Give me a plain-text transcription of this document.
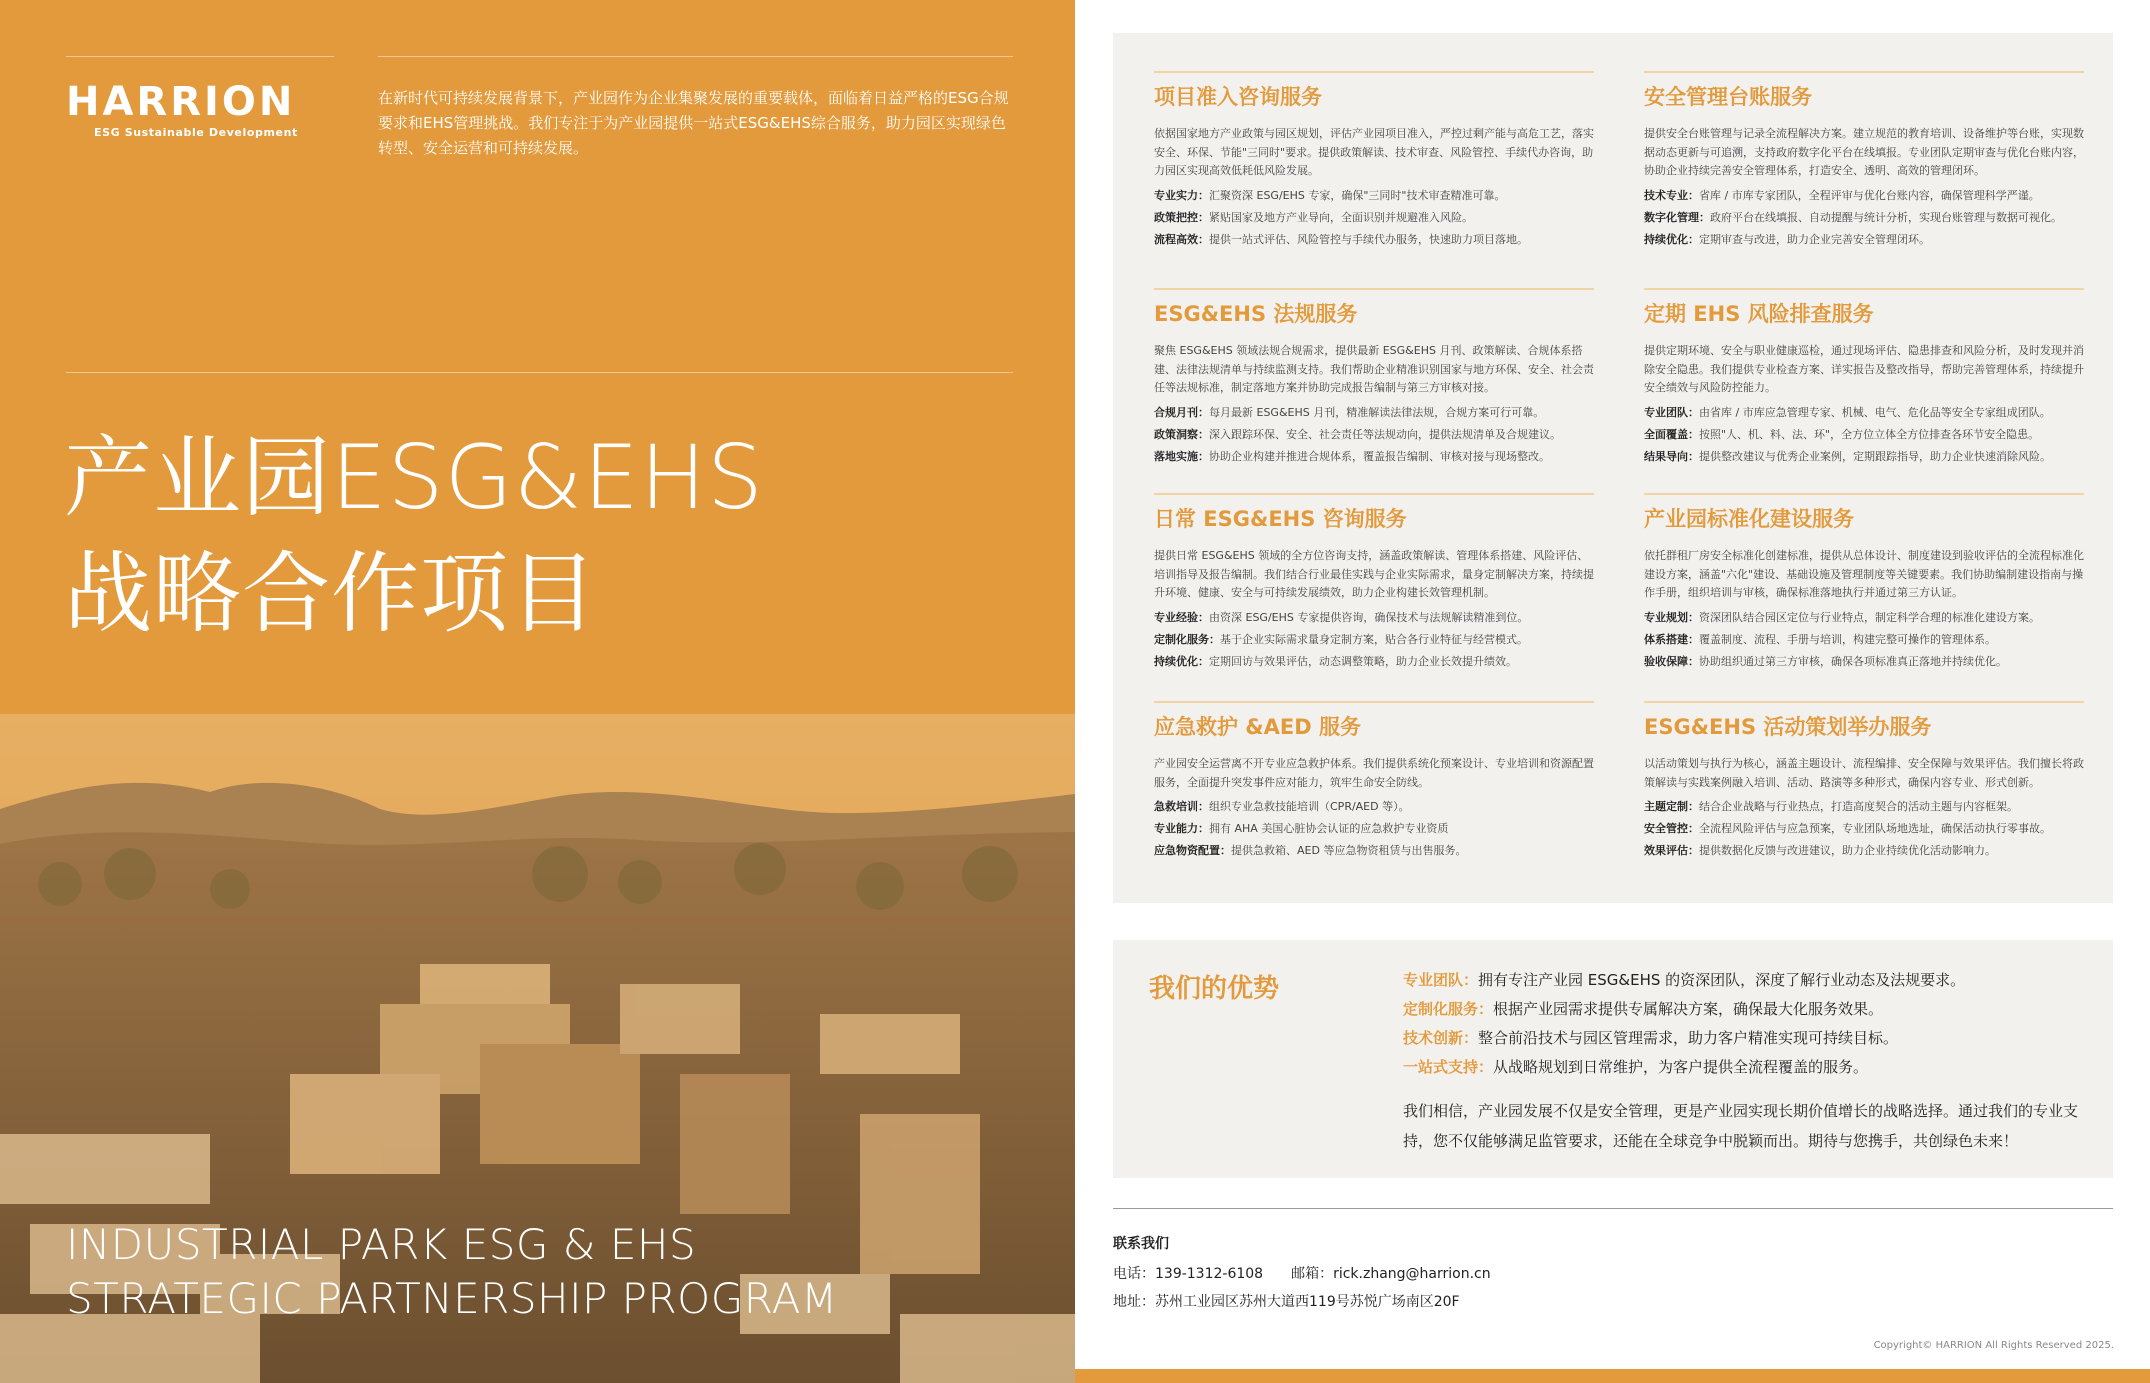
HARRION
ESG Sustainable Development
在新时代可持续发展背景下，产业园作为企业集聚发展的重要载体，面临着日益严格的ESG合规要求和EHS管理挑战。我们专注于为产业园提供一站式ESG&EHS综合服务，助力园区实现绿色转型、安全运营和可持续发展。
产业园ESG&EHS
战略合作项目
INDUSTRIAL PARK ESG & EHS
STRATEGIC PARTNERSHIP PROGRAM
项目准入咨询服务
依据国家地方产业政策与园区规划，评估产业园项目准入，严控过剩产能与高危工艺，落实安全、环保、节能"三同时"要求。提供政策解读、技术审查、风险管控、手续代办咨询，助力园区实现高效低耗低风险发展。
专业实力：汇聚资深 ESG/EHS 专家，确保"三同时"技术审查精准可靠。
政策把控：紧贴国家及地方产业导向，全面识别并规避准入风险。
流程高效：提供一站式评估、风险管控与手续代办服务，快速助力项目落地。
安全管理台账服务
提供安全台账管理与记录全流程解决方案。建立规范的教育培训、设备维护等台账，实现数据动态更新与可追溯，支持政府数字化平台在线填报。专业团队定期审查与优化台账内容，协助企业持续完善安全管理体系，打造安全、透明、高效的管理闭环。
技术专业：省库 / 市库专家团队，全程评审与优化台账内容，确保管理科学严谨。
数字化管理：政府平台在线填报、自动提醒与统计分析，实现台账管理与数据可视化。
持续优化：定期审查与改进，助力企业完善安全管理闭环。
ESG&EHS 法规服务
聚焦 ESG&EHS 领域法规合规需求，提供最新 ESG&EHS 月刊、政策解读、合规体系搭建、法律法规清单与持续监测支持。我们帮助企业精准识别国家与地方环保、安全、社会责任等法规标准，制定落地方案并协助完成报告编制与第三方审核对接。
合规月刊：每月最新 ESG&EHS 月刊，精准解读法律法规，合规方案可行可靠。
政策洞察：深入跟踪环保、安全、社会责任等法规动向，提供法规清单及合规建议。
落地实施：协助企业构建并推进合规体系，覆盖报告编制、审核对接与现场整改。
定期 EHS 风险排查服务
提供定期环境、安全与职业健康巡检，通过现场评估、隐患排查和风险分析，及时发现并消除安全隐患。我们提供专业检查方案、详实报告及整改指导，帮助完善管理体系，持续提升安全绩效与风险防控能力。
专业团队：由省库 / 市库应急管理专家、机械、电气、危化品等安全专家组成团队。
全面覆盖：按照"人、机、料、法、环"，全方位立体全方位排查各环节安全隐患。
结果导向：提供整改建议与优秀企业案例，定期跟踪指导，助力企业快速消除风险。
日常 ESG&EHS 咨询服务
提供日常 ESG&EHS 领域的全方位咨询支持，涵盖政策解读、管理体系搭建、风险评估、培训指导及报告编制。我们结合行业最佳实践与企业实际需求，量身定制解决方案，持续提升环境、健康、安全与可持续发展绩效，助力企业构建长效管理机制。
专业经验：由资深 ESG/EHS 专家提供咨询，确保技术与法规解读精准到位。
定制化服务：基于企业实际需求量身定制方案，贴合各行业特征与经营模式。
持续优化：定期回访与效果评估，动态调整策略，助力企业长效提升绩效。
产业园标准化建设服务
依托群租厂房安全标准化创建标准，提供从总体设计、制度建设到验收评估的全流程标准化建设方案，涵盖"六化"建设、基础设施及管理制度等关键要素。我们协助编制建设指南与操作手册，组织培训与审核，确保标准落地执行并通过第三方认证。
专业规划：资深团队结合园区定位与行业特点，制定科学合理的标准化建设方案。
体系搭建：覆盖制度、流程、手册与培训，构建完整可操作的管理体系。
验收保障：协助组织通过第三方审核，确保各项标准真正落地并持续优化。
应急救护 &AED 服务
产业园安全运营离不开专业应急救护体系。我们提供系统化预案设计、专业培训和资源配置服务，全面提升突发事件应对能力，筑牢生命安全防线。
急救培训：组织专业急救技能培训（CPR/AED 等）。
专业能力：拥有 AHA 美国心脏协会认证的应急救护专业资质
应急物资配置：提供急救箱、AED 等应急物资租赁与出售服务。
ESG&EHS 活动策划举办服务
以活动策划与执行为核心，涵盖主题设计、流程编排、安全保障与效果评估。我们擅长将政策解读与实践案例融入培训、活动、路演等多种形式，确保内容专业、形式创新。
主题定制：结合企业战略与行业热点，打造高度契合的活动主题与内容框架。
安全管控：全流程风险评估与应急预案，专业团队场地选址，确保活动执行零事故。
效果评估：提供数据化反馈与改进建议，助力企业持续优化活动影响力。
我们的优势	专业团队：拥有专注产业园 ESG&EHS 的资深团队，深度了解行业动态及法规要求。
定制化服务：根据产业园需求提供专属解决方案，确保最大化服务效果。
技术创新：整合前沿技术与园区管理需求，助力客户精准实现可持续目标。
一站式支持：从战略规划到日常维护，为客户提供全流程覆盖的服务。
我们相信，产业园发展不仅是安全管理，更是产业园实现长期价值增长的战略选择。通过我们的专业支持，您不仅能够满足监管要求，还能在全球竞争中脱颖而出。期待与您携手，共创绿色未来！
联系我们
电话：139-1312-6108 邮箱：rick.zhang@harrion.cn
地址：苏州工业园区苏州大道西119号苏悦广场南区20F
Copyright© HARRION All Rights Reserved 2025.
